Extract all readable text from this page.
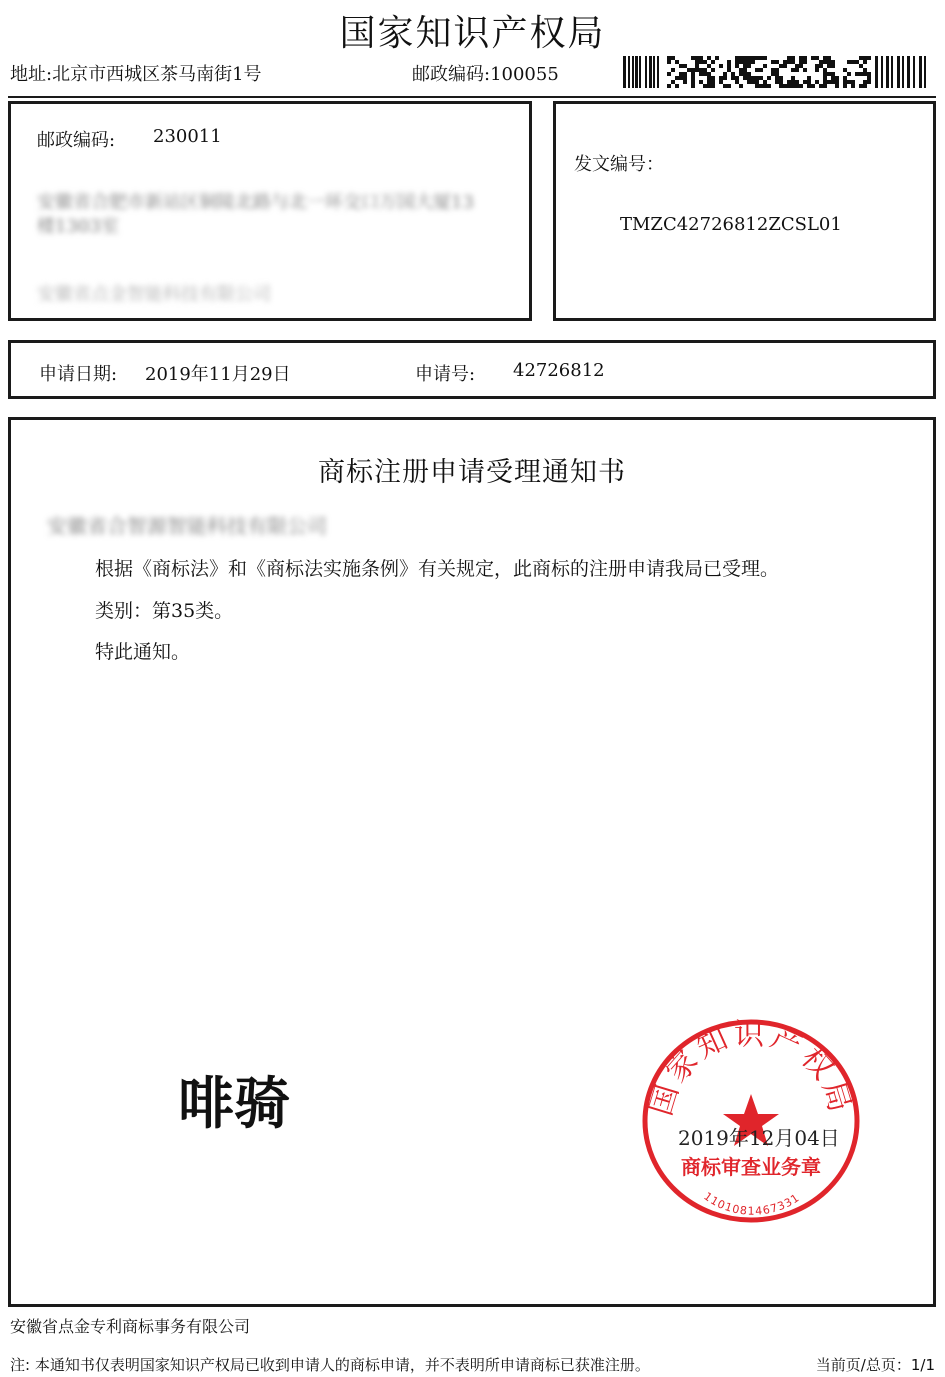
国家知识产权局
地址:北京市西城区茶马南街1号	邮政编码:100055
邮政编码: 230011
安徽省合肥市新站区铜陵北路与北一环交口万国大厦13
楼1303室
安徽省点金智能科技有限公司
发文编号：
TMZC42726812ZCSL01
申请日期: 2019年11月29日	申请号: 42726812
商标注册申请受理通知书
安徽省合智源智能科技有限公司
根据《商标法》和《商标法实施条例》有关规定，此商标的注册申请我局已受理。
类别：第35类。
特此通知。
啡骑	国家知识产权局
商标审查业务章
1101081467331
2019年12月04日
安徽省点金专利商标事务有限公司
注: 本通知书仅表明国家知识产权局已收到申请人的商标申请，并不表明所申请商标已获准注册。	当前页/总页：1/1
